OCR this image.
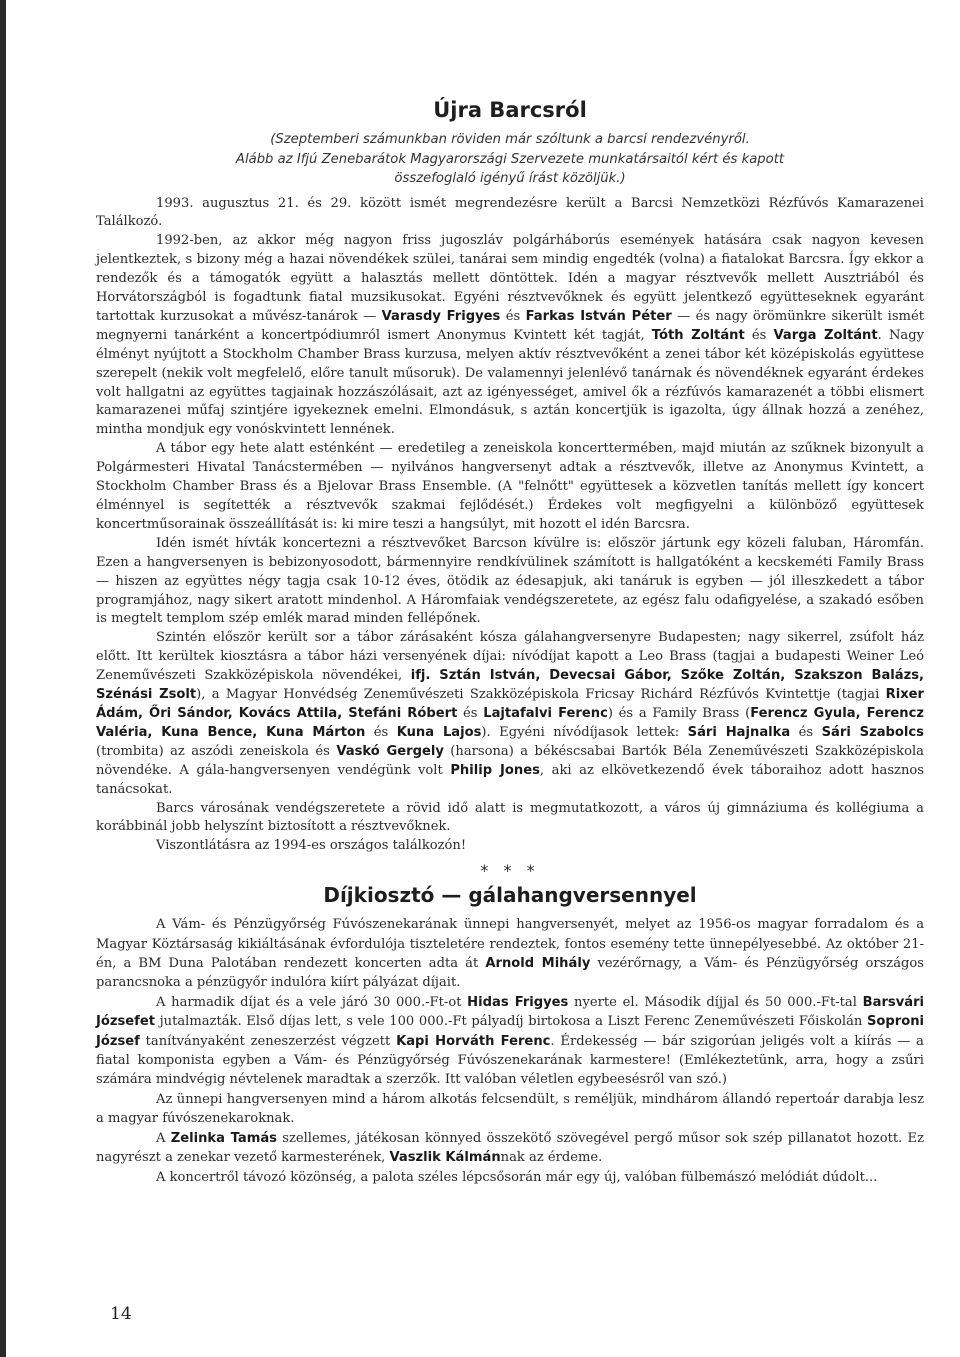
Újra Barcsról
(Szeptemberi számunkban röviden már szóltunk a barcsi rendezvényről.
Alább az Ifjú Zenebarátok Magyarországi Szervezete munkatársaitól kért és kapott
összefoglaló igényű írást közöljük.)

1993. augusztus 21. és 29. között ismét megrendezésre került a Barcsi Nemzetközi Rézfúvós Kamarazenei Találkozó.

1992-ben, az akkor még nagyon friss jugoszláv polgárháborús események hatására csak nagyon kevesen jelentkeztek, s bizony még a hazai növendékek szülei, tanárai sem mindig engedték (volna) a fiatalokat Barcsra. Így ekkor a rendezők és a támogatók együtt a halasztás mellett döntöttek. Idén a magyar résztvevők mellett Ausztriából és Horvátországból is fogadtunk fiatal muzsikusokat. Egyéni résztvevőknek és együtt jelentkező együtteseknek egyaránt tartottak kurzusokat a művész-tanárok — Varasdy Frigyes és Farkas István Péter — és nagy örömünkre sikerült ismét megnyerni tanárként a koncertpódiumról ismert Anonymus Kvintett két tagját, Tóth Zoltánt és Varga Zoltánt. Nagy élményt nyújtott a Stockholm Chamber Brass kurzusa, melyen aktív résztvevőként a zenei tábor két középiskolás együttese szerepelt (nekik volt megfelelő, előre tanult műsoruk). De valamennyi jelenlévő tanárnak és növendéknek egyaránt érdekes volt hallgatni az együttes tagjainak hozzászólásait, azt az igényességet, amivel ők a rézfúvós kamarazenét a többi elismert kamarazenei műfaj szintjére igyekeznek emelni. Elmondásuk, s aztán koncertjük is igazolta, úgy állnak hozzá a zenéhez, mintha mondjuk egy vonóskvintett lennének.

A tábor egy hete alatt esténként — eredetileg a zeneiskola koncerttermében, majd miután az szűknek bizonyult a Polgármesteri Hivatal Tanácstermében — nyilvános hangversenyt adtak a résztvevők, illetve az Anonymus Kvintett, a Stockholm Chamber Brass és a Bjelovar Brass Ensemble. (A "felnőtt" együttesek a közvetlen tanítás mellett így koncert élménnyel is segítették a résztvevők szakmai fejlődését.) Érdekes volt megfigyelni a különböző együttesek koncertműsorainak összeállítását is: ki mire teszi a hangsúlyt, mit hozott el idén Barcsra.

Idén ismét hívták koncertezni a résztvevőket Barcson kívülre is: először jártunk egy közeli faluban, Háromfán. Ezen a hangversenyen is bebizonyosodott, bármennyire rendkívülinek számított is hallgatóként a kecskeméti Family Brass — hiszen az együttes négy tagja csak 10-12 éves, ötödik az édesapjuk, aki tanáruk is egyben — jól illeszkedett a tábor programjához, nagy sikert aratott mindenhol. A Háromfaiak vendégszeretete, az egész falu odafigyelése, a szakadó esőben is megtelt templom szép emlék marad minden fellépőnek.

Szintén először került sor a tábor zárásaként kósza gálahangversenyre Budapesten; nagy sikerrel, zsúfolt ház előtt. Itt kerültek kiosztásra a tábor házi versenyének díjai: nívódíjat kapott a Leo Brass (tagjai a budapesti Weiner Leó Zeneművészeti Szakközépiskola növendékei, ifj. Sztán István, Devecsai Gábor, Szőke Zoltán, Szakszon Balázs, Szénási Zsolt), a Magyar Honvédség Zeneművészeti Szakközépiskola Fricsay Richárd Rézfúvós Kvintettje (tagjai Rixer Ádám, Őri Sándor, Kovács Attila, Stefáni Róbert és Lajtafalvi Ferenc) és a Family Brass (Ferencz Gyula, Ferencz Valéria, Kuna Bence, Kuna Márton és Kuna Lajos). Egyéni nívódíjasok lettek: Sári Hajnalka és Sári Szabolcs (trombita) az aszódi zeneiskola és Vaskó Gergely (harsona) a békéscsabai Bartók Béla Zeneművészeti Szakközépiskola növendéke. A gála-hangversenyen vendégünk volt Philip Jones, aki az elkövetkezendő évek táboraihoz adott hasznos tanácsokat.

Barcs városának vendégszeretete a rövid idő alatt is megmutatkozott, a város új gimnáziuma és kollégiuma a korábbinál jobb helyszínt biztosított a résztvevőknek.

Viszontlátásra az 1994-es országos találkozón!

* * *
Díjkiosztó — gálahangversennyel

A Vám- és Pénzügyőrség Fúvószenekarának ünnepi hangversenyét, melyet az 1956-os magyar forradalom és a Magyar Köztársaság kikiáltásának évfordulója tiszteletére rendeztek, fontos esemény tette ünnepélyesebbé. Az október 21-én, a BM Duna Palotában rendezett koncerten adta át Arnold Mihály vezérőrnagy, a Vám- és Pénzügyőrség országos parancsnoka a pénzügyőr indulóra kiírt pályázat díjait.

A harmadik díjat és a vele járó 30 000.-Ft-ot Hidas Frigyes nyerte el. Második díjjal és 50 000.-Ft-tal Barsvári Józsefet jutalmazták. Első díjas lett, s vele 100 000.-Ft pályadíj birtokosa a Liszt Ferenc Zeneművészeti Főiskolán Soproni József tanítványaként zeneszerzést végzett Kapi Horváth Ferenc. Érdekesség — bár szigorúan jeligés volt a kiírás — a fiatal komponista egyben a Vám- és Pénzügyőrség Fúvószenekarának karmestere! (Emlékeztetünk, arra, hogy a zsűri számára mindvégig névtelenek maradtak a szerzők. Itt valóban véletlen egybeesésről van szó.)

Az ünnepi hangversenyen mind a három alkotás felcsendült, s reméljük, mindhárom állandó repertoár darabja lesz a magyar fúvószenekaroknak.

A Zelinka Tamás szellemes, játékosan könnyed összekötő szövegével pergő műsor sok szép pillanatot hozott. Ez nagyrészt a zenekar vezető karmesterének, Vaszlik Kálmánnak az érdeme.

A koncertről távozó közönség, a palota széles lépcsősorán már egy új, valóban fülbemászó melódiát dúdolt...

14
